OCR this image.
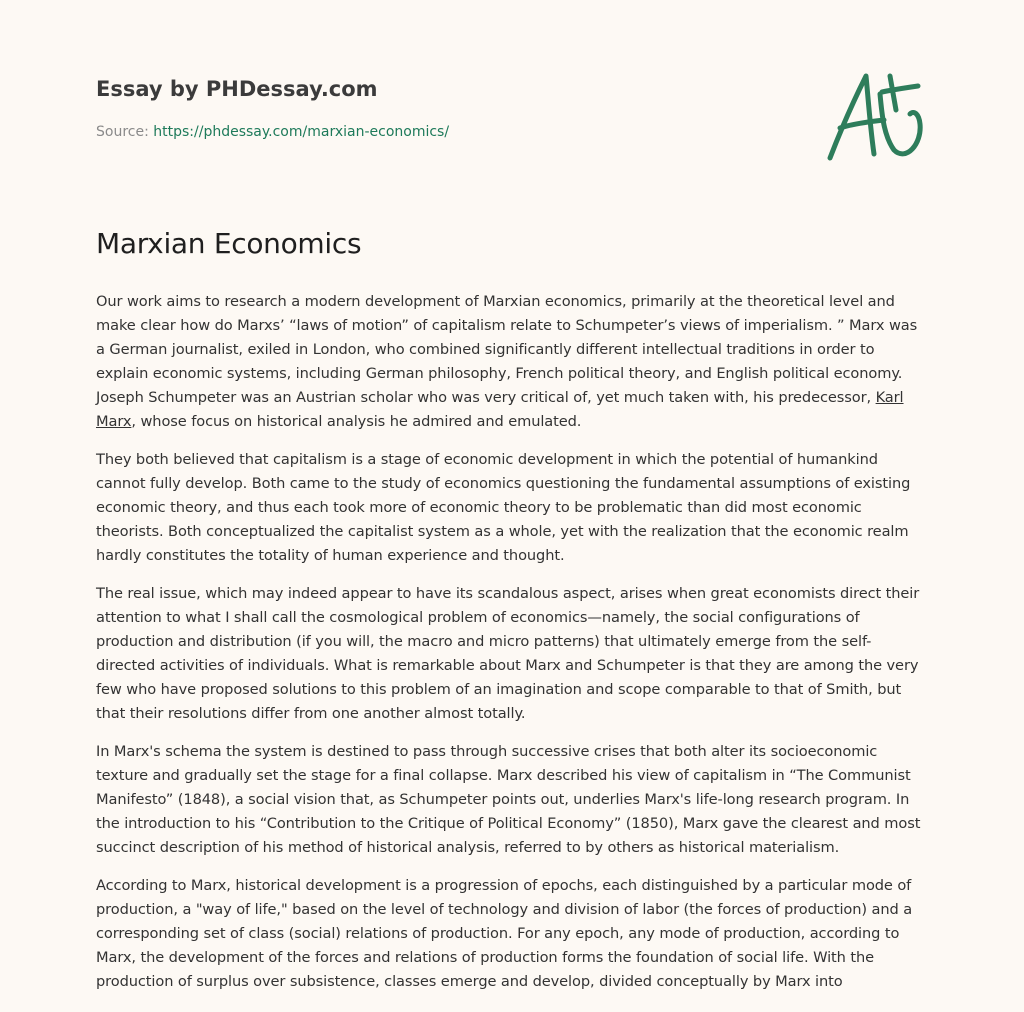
Essay by PHDessay.com
Source: https://phdessay.com/marxian-economics/
Marxian Economics

Our work aims to research a modern development of Marxian economics, primarily at the theoretical level and make clear how do Marxs’ “laws of motion” of capitalism relate to Schumpeter’s views of imperialism. ” Marx was a German journalist, exiled in London, who combined significantly different intellectual traditions in order to explain economic systems, including German philosophy, French political theory, and English political economy. Joseph Schumpeter was an Austrian scholar who was very critical of, yet much taken with, his predecessor, Karl Marx, whose focus on historical analysis he admired and emulated.

They both believed that capitalism is a stage of economic development in which the potential of humankind cannot fully develop. Both came to the study of economics questioning the fundamental assumptions of existing economic theory, and thus each took more of economic theory to be problematic than did most economic theorists. Both conceptualized the capitalist system as a whole, yet with the realization that the economic realm hardly constitutes the totality of human experience and thought.

The real issue, which may indeed appear to have its scandalous aspect, arises when great economists direct their attention to what I shall call the cosmological problem of economics—namely, the social configurations of production and distribution (if you will, the macro and micro patterns) that ultimately emerge from the self-directed activities of individuals. What is remarkable about Marx and Schumpeter is that they are among the very few who have proposed solutions to this problem of an imagination and scope comparable to that of Smith, but that their resolutions differ from one another almost totally.

In Marx's schema the system is destined to pass through successive crises that both alter its socioeconomic texture and gradually set the stage for a final collapse. Marx described his view of capitalism in “The Communist Manifesto” (1848), a social vision that, as Schumpeter points out, underlies Marx's life-long research program. In the introduction to his “Contribution to the Critique of Political Economy” (1850), Marx gave the clearest and most succinct description of his method of historical analysis, referred to by others as historical materialism.

According to Marx, historical development is a progression of epochs, each distinguished by a particular mode of production, a "way of life," based on the level of technology and division of labor (the forces of production) and a corresponding set of class (social) relations of production. For any epoch, any mode of production, according to Marx, the development of the forces and relations of production forms the foundation of social life. With the production of surplus over subsistence, classes emerge and develop, divided conceptually by Marx into
